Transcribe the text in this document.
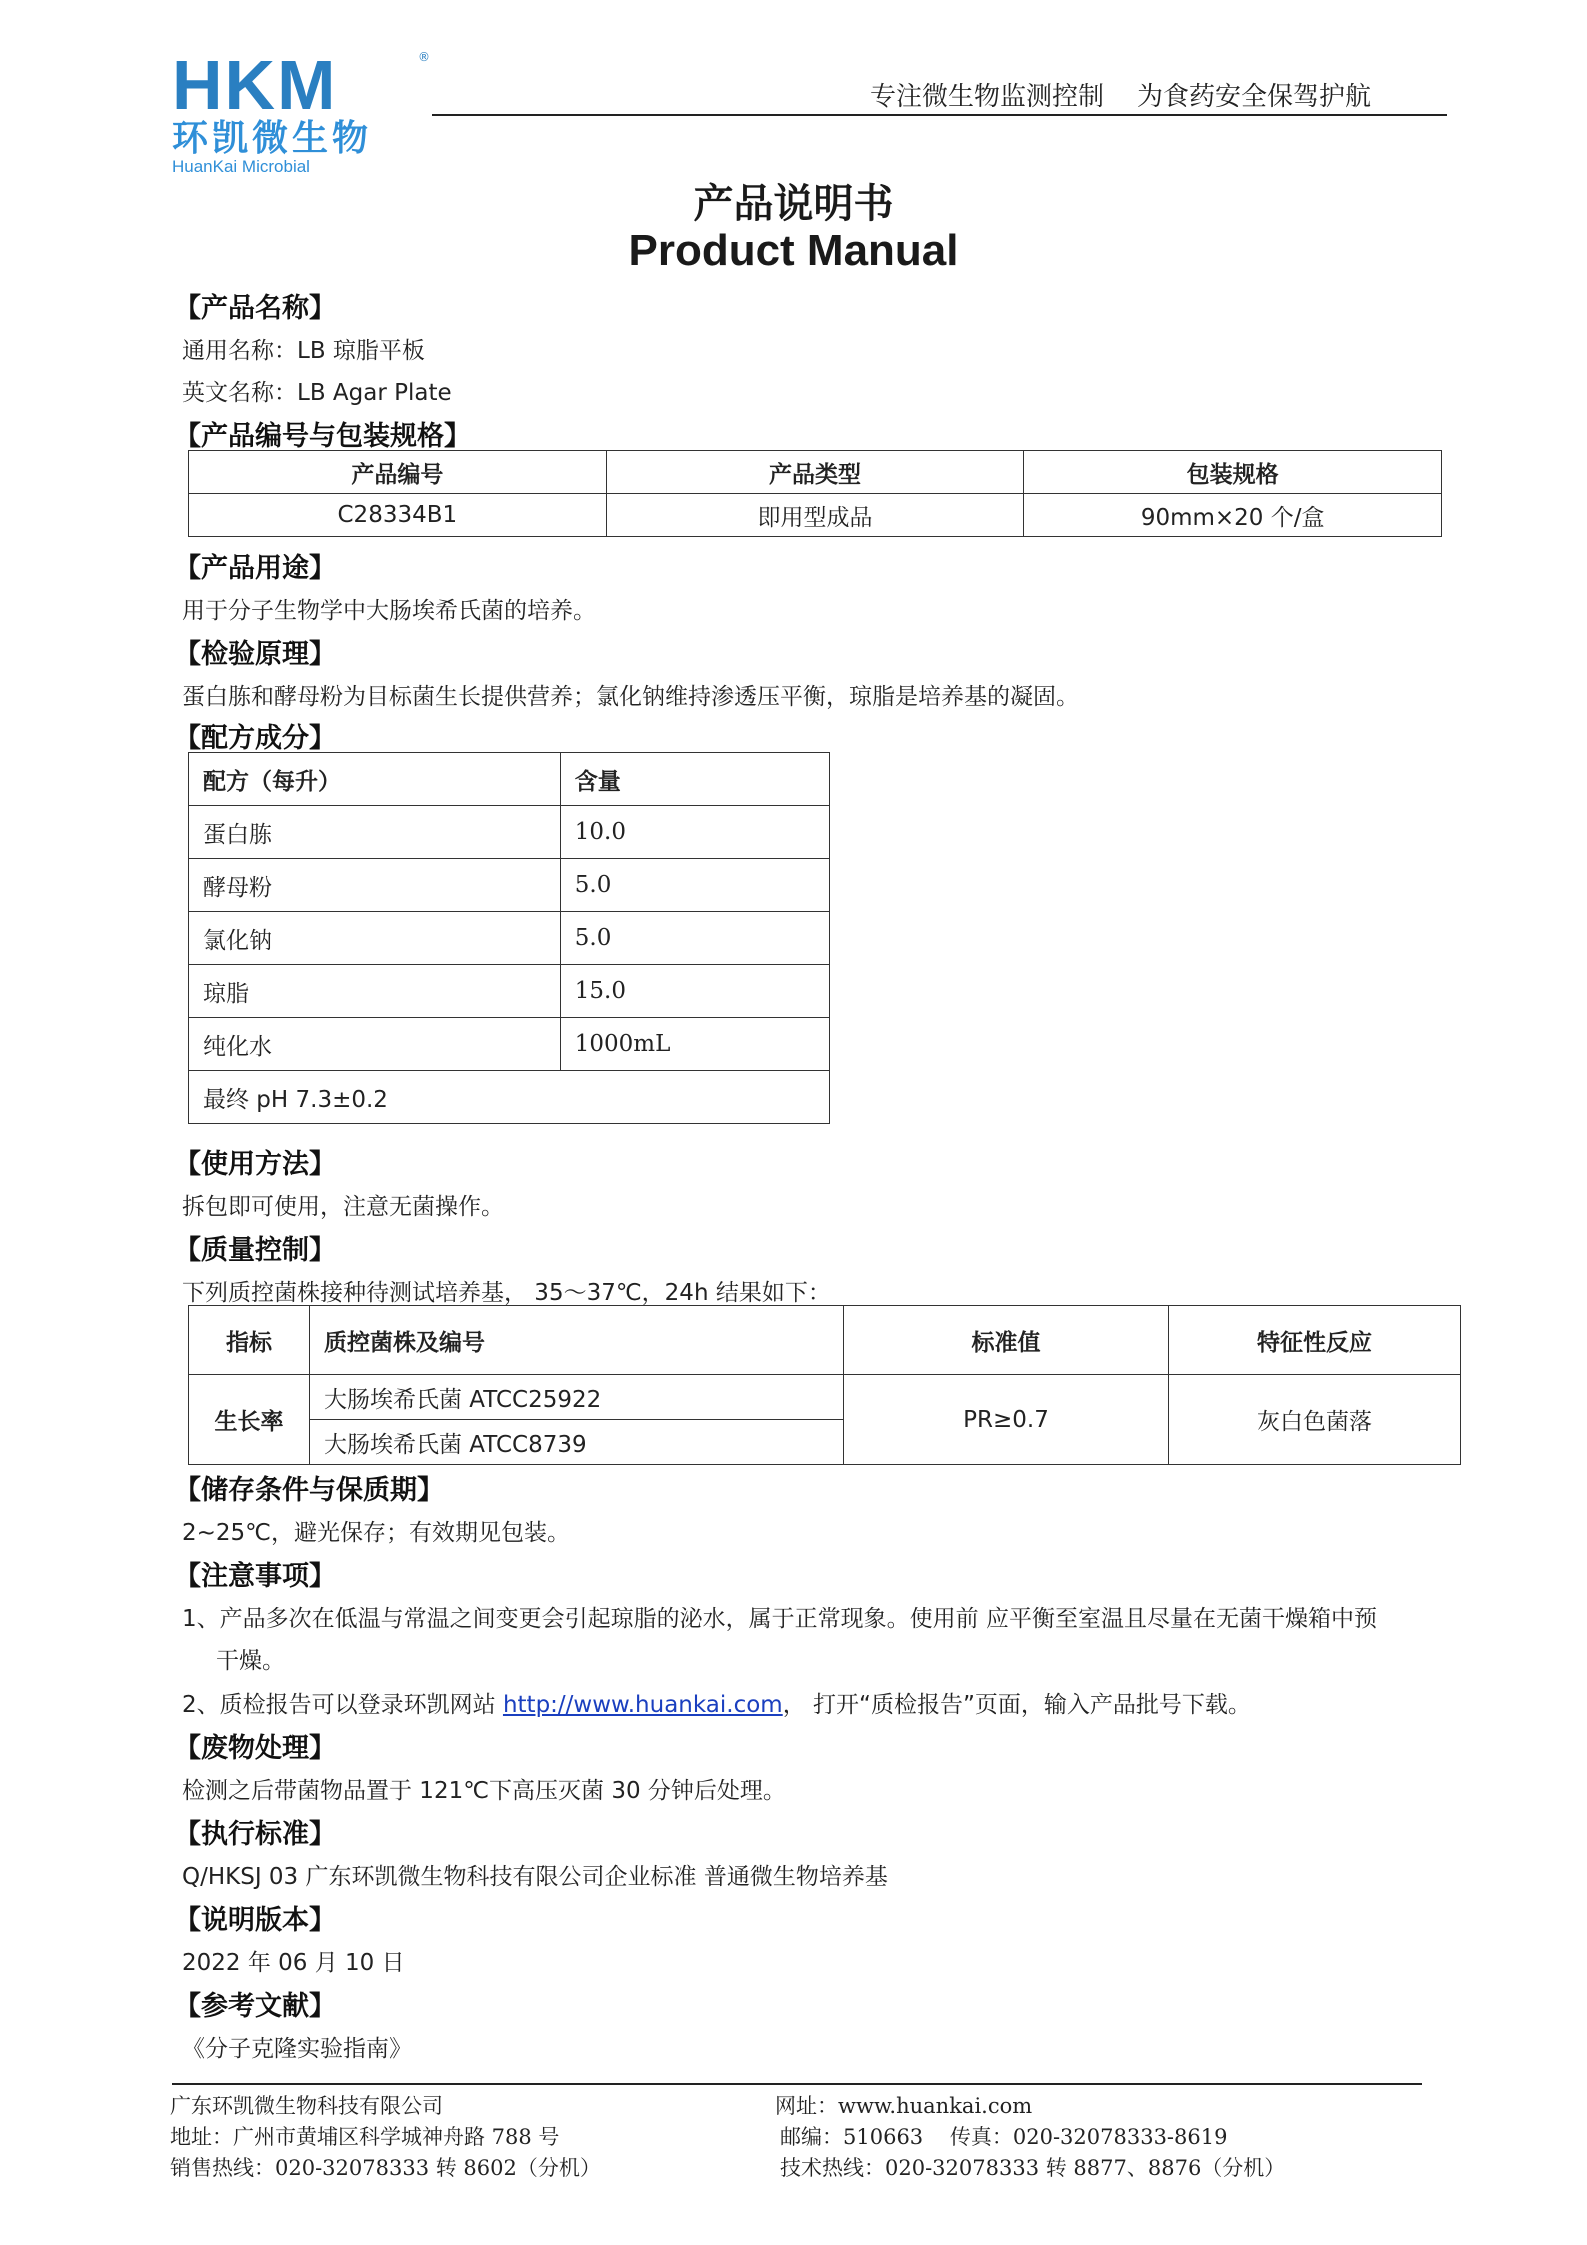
HKM	®
环凯微生物
HuanKai Microbial
专注微生物监测控制    为食药安全保驾护航
产品说明书
Product Manual
【产品名称】
通用名称：LB 琼脂平板
英文名称：LB Agar Plate
【产品编号与包装规格】
产品编号	产品类型	包装规格
C28334B1	即用型成品	90mm×20 个/盒
【产品用途】
用于分子生物学中大肠埃希氏菌的培养。
【检验原理】
蛋白胨和酵母粉为目标菌生长提供营养；氯化钠维持渗透压平衡，琼脂是培养基的凝固。
【配方成分】
配方（每升）	含量
蛋白胨	10.0
酵母粉	5.0
氯化钠	5.0
琼脂	15.0
纯化水	1000mL
最终 pH 7.3±0.2	
【使用方法】
拆包即可使用，注意无菌操作。
【质量控制】
下列质控菌株接种待测试培养基， 35～37℃，24h 结果如下：
指标	质控菌株及编号	标准值	特征性反应
生长率	大肠埃希氏菌 ATCC25922	PR≥0.7	灰白色菌落
	大肠埃希氏菌 ATCC8739		
【储存条件与保质期】
2~25℃，避光保存；有效期见包装。
【注意事项】
1、产品多次在低温与常温之间变更会引起琼脂的泌水，属于正常现象。使用前 应平衡至室温且尽量在无菌干燥箱中预
干燥。
2、质检报告可以登录环凯网站 http://www.huankai.com， 打开“质检报告”页面，输入产品批号下载。
【废物处理】
检测之后带菌物品置于 121℃下高压灭菌 30 分钟后处理。
【执行标准】
Q/HKSJ 03 广东环凯微生物科技有限公司企业标准 普通微生物培养基
【说明版本】
2022 年 06 月 10 日
【参考文献】
《分子克隆实验指南》
广东环凯微生物科技有限公司
地址：广州市黄埔区科学城神舟路 788 号
销售热线：020-32078333 转 8602（分机）
网址：www.huankai.com
邮编：510663    传真：020-32078333-8619
技术热线：020-32078333 转 8877、8876（分机）
